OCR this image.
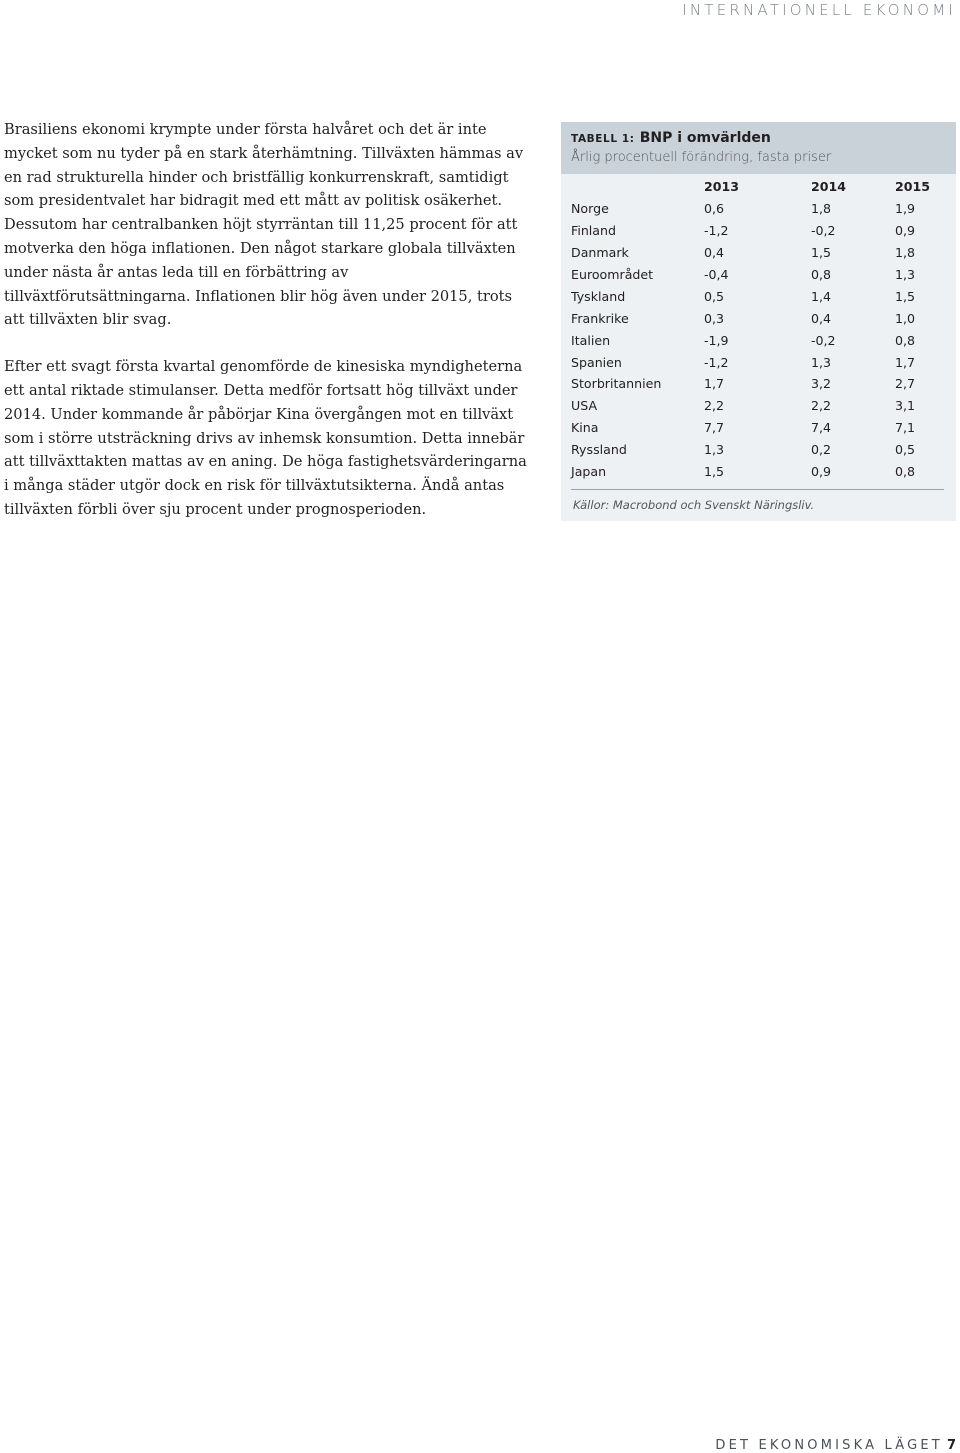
INTERNATIONELL EKONOMI

Brasiliens ekonomi krympte under första halvåret och det är inte mycket som nu tyder på en stark återhämtning. Tillväxten hämmas av en rad strukturella hinder och bristfällig konkurrenskraft, samtidigt som presidentvalet har bidragit med ett mått av politisk osäkerhet. Dessutom har centralbanken höjt styrräntan till 11,25 procent för att motverka den höga inflationen. Den något starkare globala tillväxten under nästa år antas leda till en förbättring av tillväxtförutsättningarna. Inflationen blir hög även under 2015, trots att tillväxten blir svag.

Efter ett svagt första kvartal genomförde de kinesiska myndigheterna ett antal riktade stimulanser. Detta medför fortsatt hög tillväxt under 2014. Under kommande år påbörjar Kina övergången mot en tillväxt som i större utsträckning drivs av inhemsk konsumtion. Detta innebär att tillväxttakten mattas av en aning. De höga fastighetsvärderingarna i många städer utgör dock en risk för tillväxtutsikterna. Ändå antas tillväxten förbli över sju procent under prognosperioden.

TABELL 1: BNP i omvärlden
Årlig procentuell förändring, fasta priser
	2013	2014	2015
Norge	0,6	1,8	1,9
Finland	-1,2	-0,2	0,9
Danmark	0,4	1,5	1,8
Euroområdet	-0,4	0,8	1,3
Tyskland	0,5	1,4	1,5
Frankrike	0,3	0,4	1,0
Italien	-1,9	-0,2	0,8
Spanien	-1,2	1,3	1,7
Storbritannien	1,7	3,2	2,7
USA	2,2	2,2	3,1
Kina	7,7	7,4	7,1
Ryssland	1,3	0,2	0,5
Japan	1,5	0,9	0,8
Källor: Macrobond och Svenskt Näringsliv.
DET EKONOMISKA LÄGET 7
